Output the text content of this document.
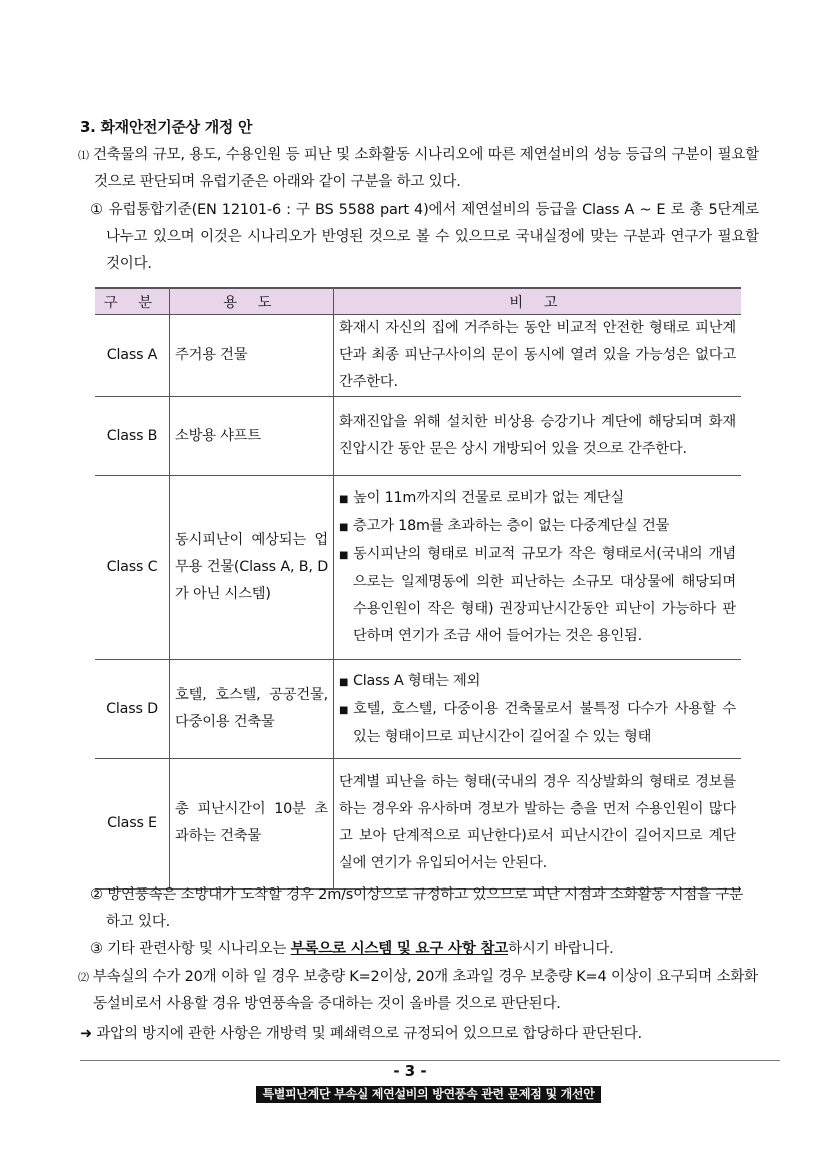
3. 화재안전기준상 개정 안
⑴ 건축물의 규모, 용도, 수용인원 등 피난 및 소화활동 시나리오에 따른 제연설비의 성능 등급의 구분이 필요할 것으로 판단되며 유럽기준은 아래와 같이 구분을 하고 있다.
① 유럽통합기준(EN 12101-6 : 구 BS 5588 part 4)에서 제연설비의 등급을 Class A ~ E 로 총 5단계로 나누고 있으며 이것은 시나리오가 반영된 것으로 볼 수 있으므로 국내실정에 맞는 구분과 연구가 필요할 것이다.
구 분	용 도	비 고
Class A	주거용 건물	화재시 자신의 집에 거주하는 동안 비교적 안전한 형태로 피난계단과 최종 피난구사이의 문이 동시에 열려 있을 가능성은 없다고 간주한다.
Class B	소방용 샤프트	화재진압을 위해 설치한 비상용 승강기나 계단에 해당되며 화재진압시간 동안 문은 상시 개방되어 있을 것으로 간주한다.
Class C	동시피난이 예상되는 업무용 건물(Class A, B, D가 아닌 시스템)	■ 높이 11m까지의 건물로 로비가 없는 계단실
■ 층고가 18m를 초과하는 층이 없는 다중계단실 건물
■ 동시피난의 형태로 비교적 규모가 작은 형태로서(국내의 개념으로는 일제명동에 의한 피난하는 소규모 대상물에 해당되며 수용인원이 작은 형태) 권장피난시간동안 피난이 가능하다 판단하며 연기가 조금 새어 들어가는 것은 용인됨.

Class D	호텔, 호스텔, 공공건물, 다중이용 건축물	■ Class A 형태는 제외
■ 호텔, 호스텔, 다중이용 건축물로서 불특정 다수가 사용할 수 있는 형태이므로 피난시간이 길어질 수 있는 형태

Class E	총 피난시간이 10분 초과하는 건축물	단계별 피난을 하는 형태(국내의 경우 직상발화의 형태로 경보를 하는 경우와 유사하며 경보가 발하는 층을 먼저 수용인원이 많다고 보아 단계적으로 피난한다)로서 피난시간이 길어지므로 계단실에 연기가 유입되어서는 안된다.
② 방연풍속은 소방대가 도착할 경우 2m/s이상으로 규정하고 있으므로 피난 시점과 소화활동 시점을 구분하고 있다.
③ 기타 관련사항 및 시나리오는 부록으로 시스템 및 요구 사항 참고하시기 바랍니다.
⑵ 부속실의 수가 20개 이하 일 경우 보충량 K=2이상, 20개 초과일 경우 보충량 K=4 이상이 요구되며 소화화동설비로서 사용할 경유 방연풍속을 증대하는 것이 올바를 것으로 판단된다.
➜ 과압의 방지에 관한 사항은 개방력 및 폐쇄력으로 규정되어 있으므로 합당하다 판단된다.
- 3 -
특별피난계단 부속실 제연설비의 방연풍속 관련 문제점 및 개선안
